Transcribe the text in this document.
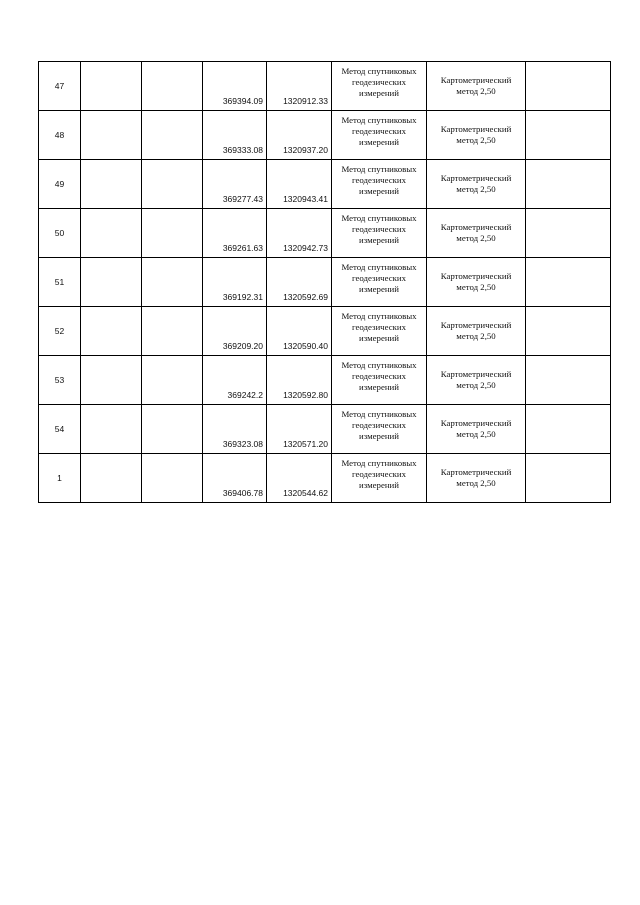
47			369394.09	1320912.33	Метод спутниковых геодезических измерений	Картометрический метод 2,50	
48			369333.08	1320937.20	Метод спутниковых геодезических измерений	Картометрический метод 2,50	
49			369277.43	1320943.41	Метод спутниковых геодезических измерений	Картометрический метод 2,50	
50			369261.63	1320942.73	Метод спутниковых геодезических измерений	Картометрический метод 2,50	
51			369192.31	1320592.69	Метод спутниковых геодезических измерений	Картометрический метод 2,50	
52			369209.20	1320590.40	Метод спутниковых геодезических измерений	Картометрический метод 2,50	
53			369242.2	1320592.80	Метод спутниковых геодезических измерений	Картометрический метод 2,50	
54			369323.08	1320571.20	Метод спутниковых геодезических измерений	Картометрический метод 2,50	
1			369406.78	1320544.62	Метод спутниковых геодезических измерений	Картометрический метод 2,50	
